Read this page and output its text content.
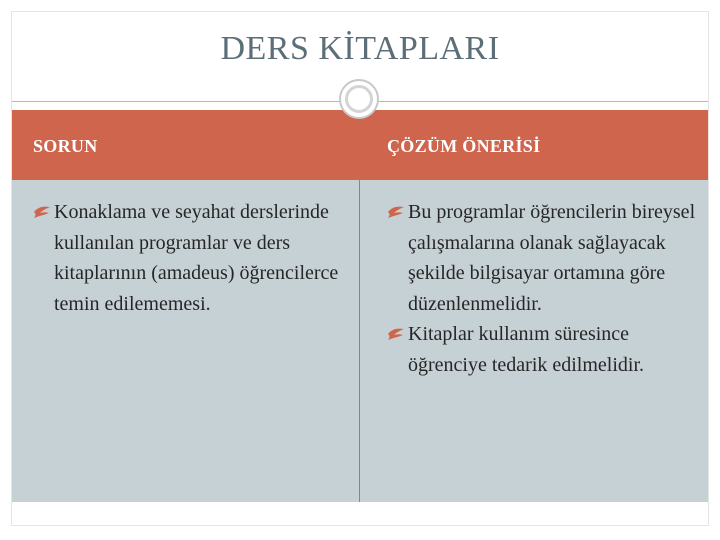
DERS KİTAPLARI
SORUN	ÇÖZÜM ÖNERİSİ
Konaklama ve seyahat derslerinde kullanılan programlar ve ders kitaplarının (amadeus) öğrencilerce temin edilememesi.
Bu programlar öğrencilerin bireysel çalışmalarına olanak sağlayacak şekilde bilgisayar ortamına göre düzenlenmelidir.
Kitaplar kullanım süresince öğrenciye tedarik edilmelidir.
